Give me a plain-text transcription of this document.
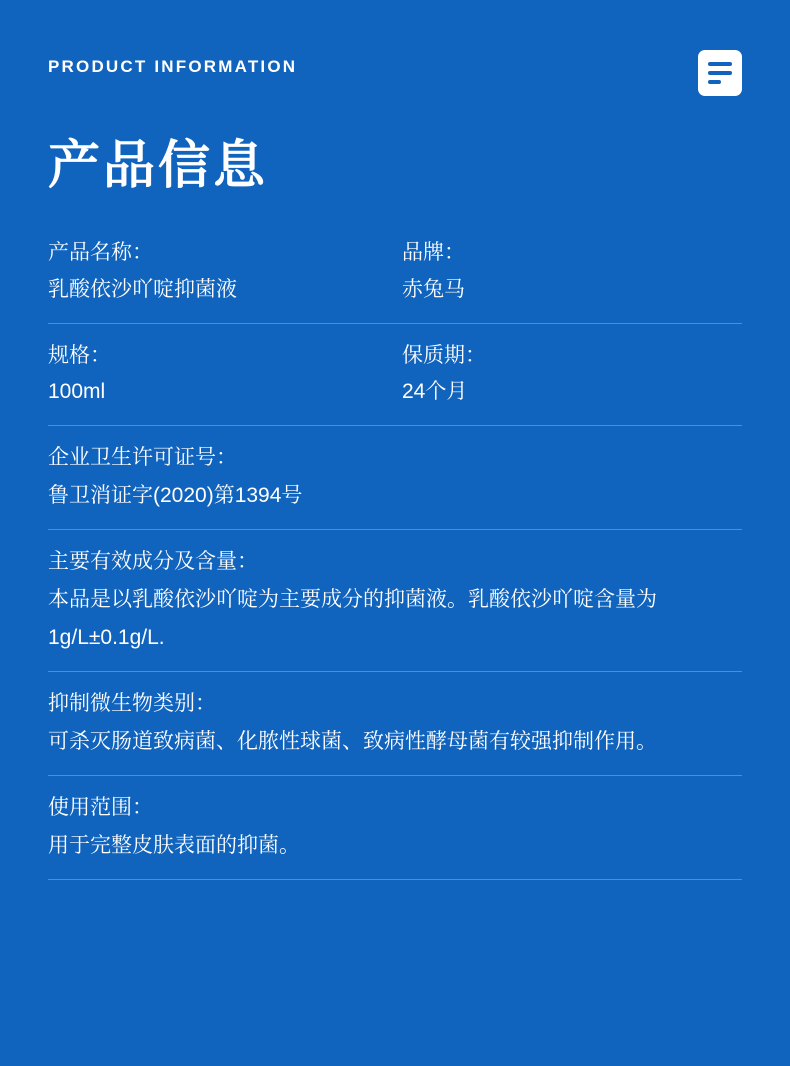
PRODUCT INFORMATION
产品信息
产品名称：
乳酸依沙吖啶抑菌液
品牌：
赤兔马
规格：
100ml
保质期：
24个月
企业卫生许可证号：
鲁卫消证字(2020)第1394号
主要有效成分及含量：
本品是以乳酸依沙吖啶为主要成分的抑菌液。乳酸依沙吖啶含量为1g/L±0.1g/L.
抑制微生物类别：
可杀灭肠道致病菌、化脓性球菌、致病性酵母菌有较强抑制作用。
使用范围：
用于完整皮肤表面的抑菌。
